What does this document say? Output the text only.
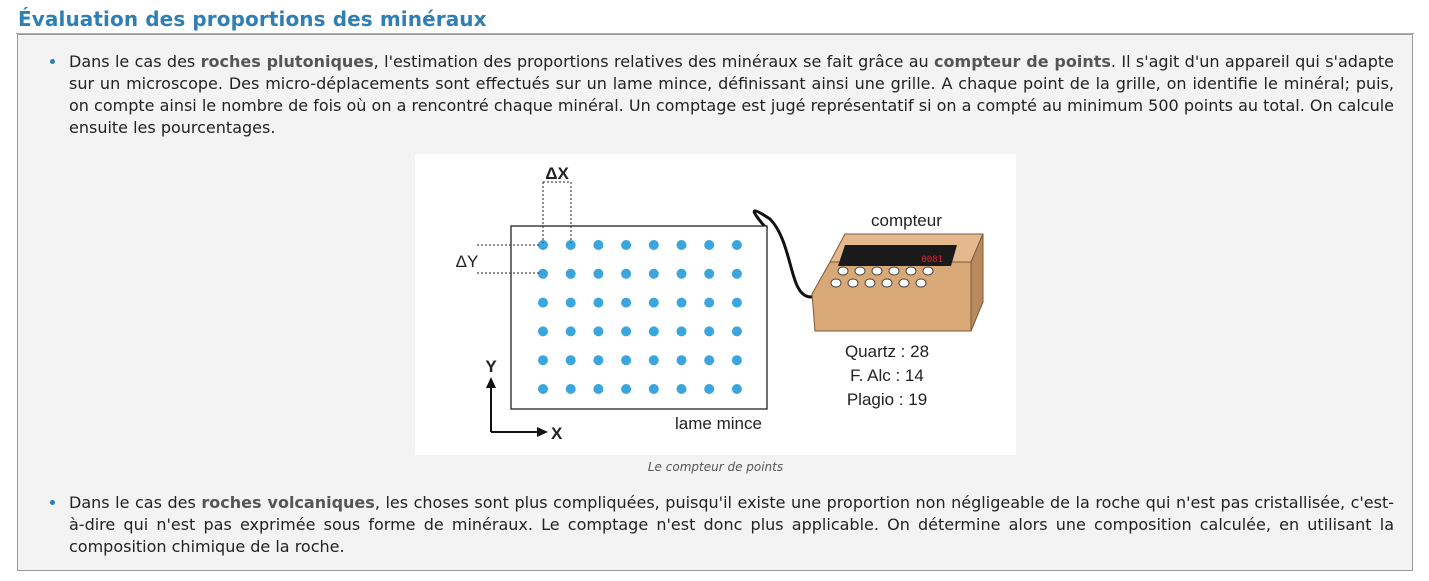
Évaluation des proportions des minéraux

Dans le cas des roches plutoniques, l'estimation des proportions relatives des minéraux se fait grâce au compteur de points. Il s'agit d'un appareil qui s'adapte sur un microscope. Des micro-déplacements sont effectués sur un lame mince, définissant ainsi une grille. A chaque point de la grille, on identifie le minéral; puis, on compte ainsi le nombre de fois où on a rencontré chaque minéral. Un comptage est jugé représentatif si on a compté au minimum 500 points au total. On calcule ensuite les pourcentages.

ΔX
ΔY
Y
X
lame mince
compteur
0081
Quartz : 28
F. Alc : 14
Plagio : 19
Le compteur de points

Dans le cas des roches volcaniques, les choses sont plus compliquées, puisqu'il existe une proportion non négligeable de la roche qui n'est pas cristallisée, c'est-à-dire qui n'est pas exprimée sous forme de minéraux. Le comptage n'est donc plus applicable. On détermine alors une composition calculée, en utilisant la composition chimique de la roche.
